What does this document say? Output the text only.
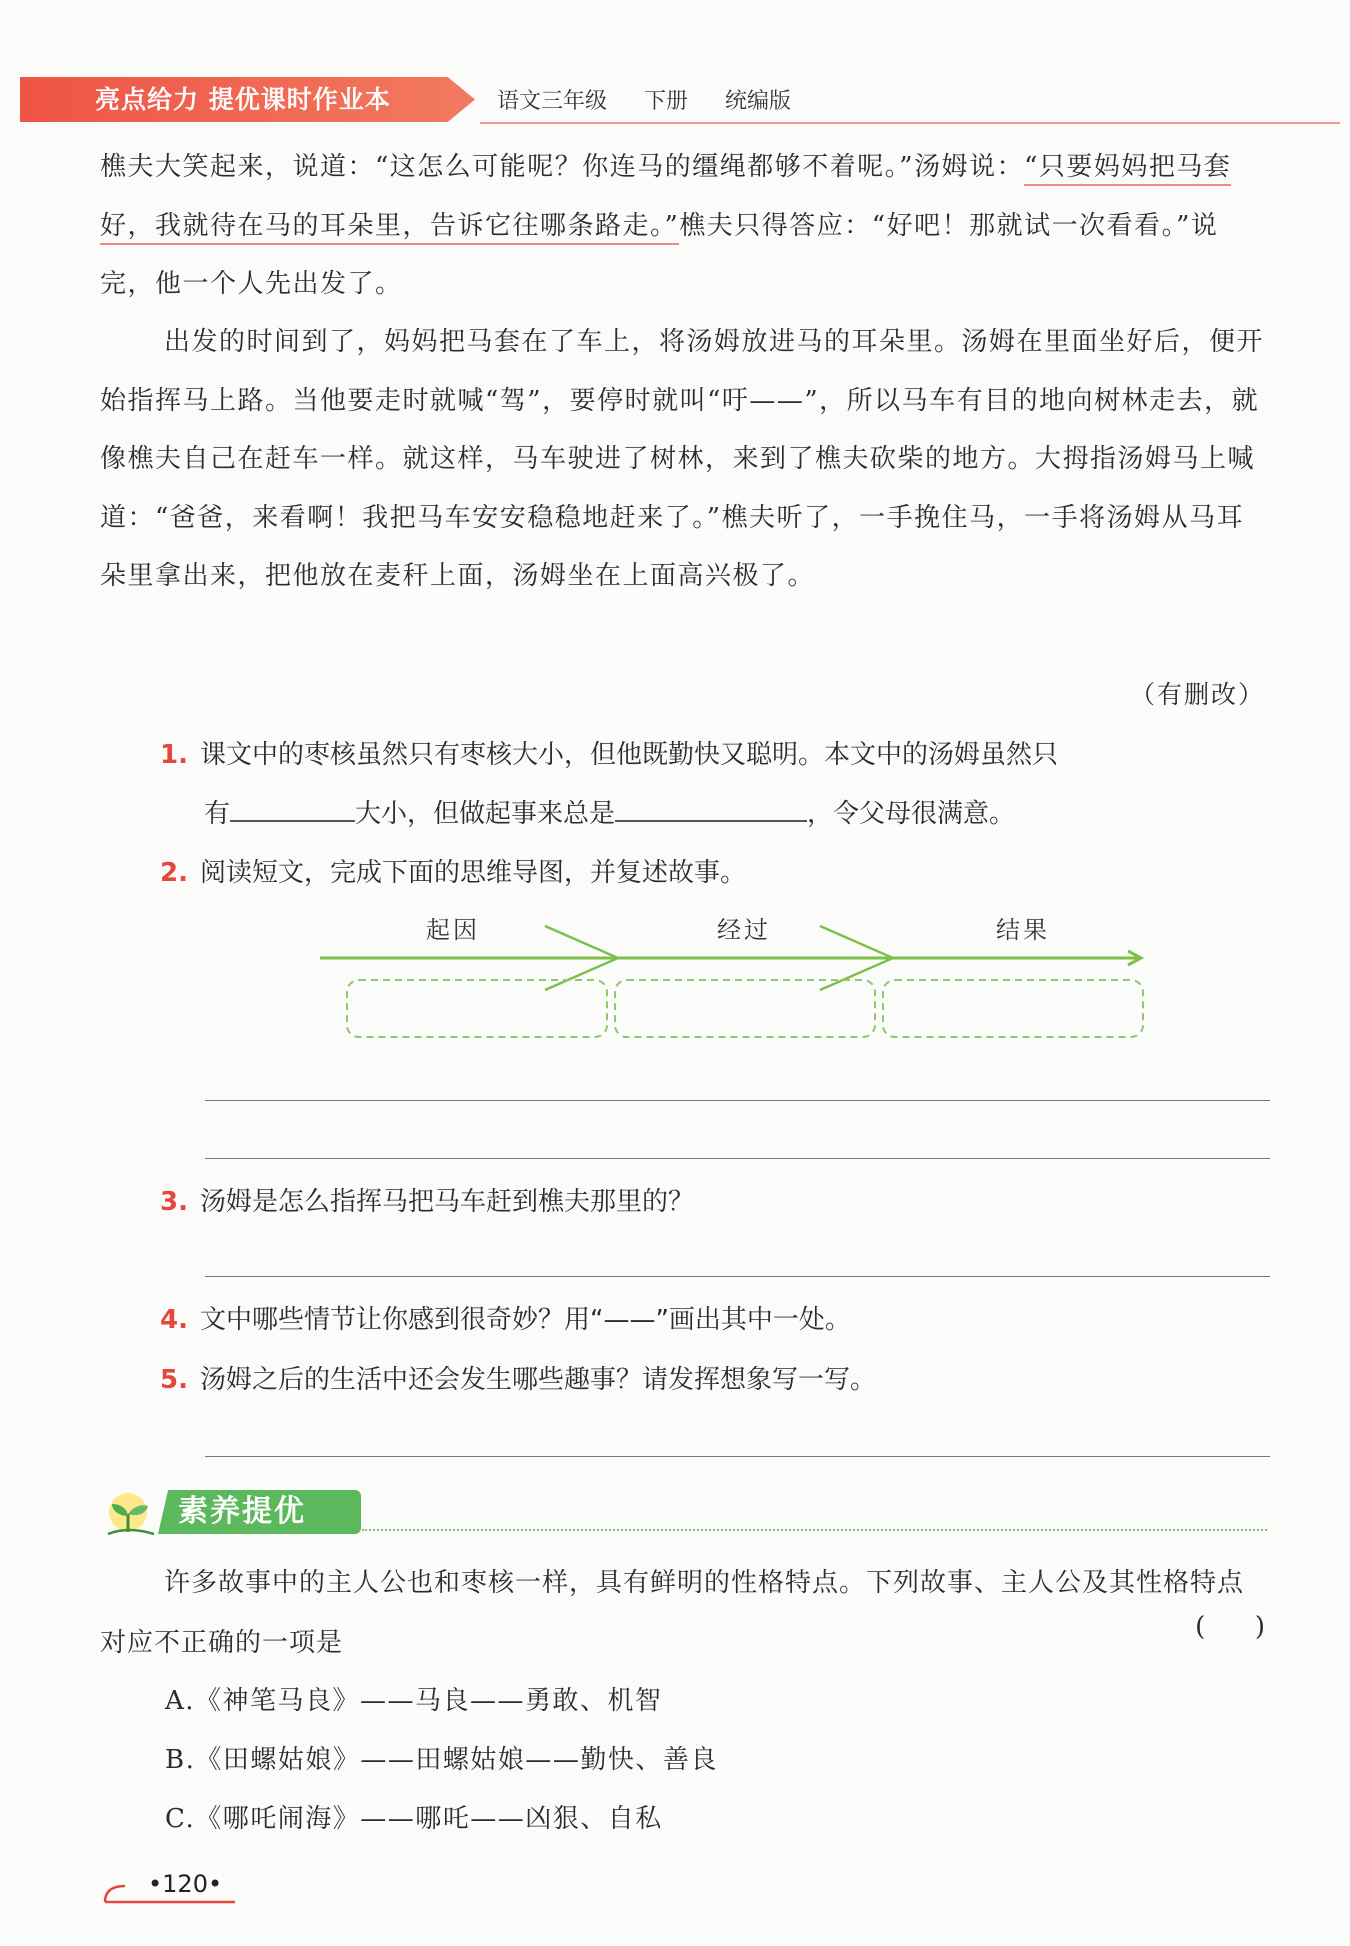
亮点给力 提优课时作业本	语文三年级 下册 统编版

樵夫大笑起来，说道：“这怎么可能呢？你连马的缰绳都够不着呢。”汤姆说：“只要妈妈把马套好，我就待在马的耳朵里，告诉它往哪条路走。”樵夫只得答应：“好吧！那就试一次看看。”说完，他一个人先出发了。

出发的时间到了，妈妈把马套在了车上，将汤姆放进马的耳朵里。汤姆在里面坐好后，便开始指挥马上路。当他要走时就喊“驾”，要停时就叫“吁——”，所以马车有目的地向树林走去，就像樵夫自己在赶车一样。就这样，马车驶进了树林，来到了樵夫砍柴的地方。大拇指汤姆马上喊道：“爸爸，来看啊！我把马车安安稳稳地赶来了。”樵夫听了，一手挽住马，一手将汤姆从马耳朵里拿出来，把他放在麦秆上面，汤姆坐在上面高兴极了。

（有删改）

1. 课文中的枣核虽然只有枣核大小，但他既勤快又聪明。本文中的汤姆虽然只

有	大小，但做起事来总是	，令父母很满意。

2. 阅读短文，完成下面的思维导图，并复述故事。

起因	经过	结果

3. 汤姆是怎么指挥马把马车赶到樵夫那里的？

4. 文中哪些情节让你感到很奇妙？用“——”画出其中一处。

5. 汤姆之后的生活中还会发生哪些趣事？请发挥想象写一写。

素养提优

许多故事中的主人公也和枣核一样，具有鲜明的性格特点。下列故事、主人公及其性格特点对应不正确的一项是

(      )

A.《神笔马良》——马良——勇敢、机智

B.《田螺姑娘》——田螺姑娘——勤快、善良

C.《哪吒闹海》——哪吒——凶狠、自私

•120•
